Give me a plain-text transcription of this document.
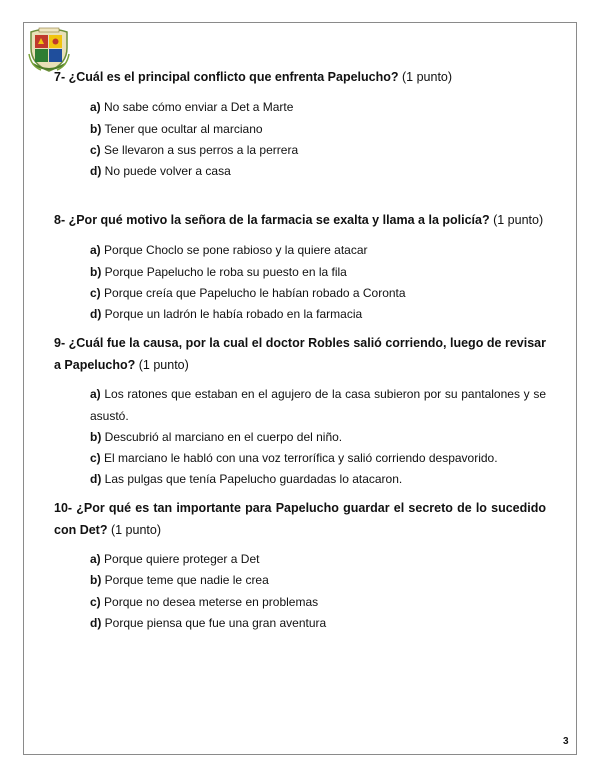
7- ¿Cuál es el principal conflicto que enfrenta Papelucho? (1 punto)
a) No sabe cómo enviar a Det a Marte
b) Tener que ocultar al marciano
c) Se llevaron a sus perros a la perrera
d) No puede volver a casa
8- ¿Por qué motivo la señora de la farmacia se exalta y llama a la policía? (1 punto)
a) Porque Choclo se pone rabioso y la quiere atacar
b) Porque Papelucho le roba su puesto en la fila
c) Porque creía que Papelucho le habían robado a Coronta
d) Porque un ladrón le había robado en la farmacia
9- ¿Cuál fue la causa, por la cual el doctor Robles salió corriendo, luego de revisar a Papelucho? (1 punto)
a) Los ratones que estaban en el agujero de la casa subieron por su pantalones y se asustó.
b) Descubrió al marciano en el cuerpo del niño.
c) El marciano le habló con una voz terrorífica y salió corriendo despavorido.
d) Las pulgas que tenía Papelucho guardadas lo atacaron.
10- ¿Por qué es tan importante para Papelucho guardar el secreto de lo sucedido con Det? (1 punto)
a) Porque quiere proteger a Det
b) Porque teme que nadie le crea
c) Porque no desea meterse en problemas
d) Porque piensa que fue una gran aventura
3
